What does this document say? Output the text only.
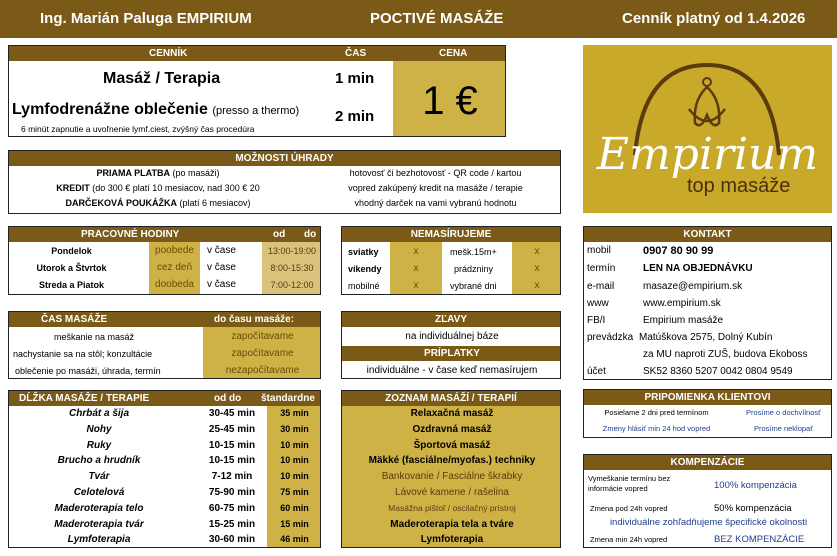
Ing. Marián Paluga EMPIRIUM	POCTIVÉ MASÁŽE	Cenník platný od 1.4.2026
CENNÍK	ČAS	CENA
1 €
Masáž / Terapia	1 min
Lymfodrenážne oblečenie (presso a thermo) 2 min
6 minút zapnutie a uvoľnenie lymf.ciest, zvýšný čas procedúra	Empirium
top masáže
MOŽNOSTI ÚHRADY
PRIAMA PLATBA (po masáži)	hotovosť či bezhotovosť - QR code / kartou
KREDIT (do 300 € platí 10 mesiacov, nad 300 € 20	vopred zakúpený kredit na masáže / terapie
DARČEKOVÁ POUKÁŽKA (platí 6 mesiacov)	vhodný darček na vami vybranú hodnotu
PRACOVNÉ HODINY	od do
Pondelok	poobede	v čase	13:00-19:00
Utorok a Štvrtok	cez deň	v čase	8:00-15:30
Streda a Piatok	doobeda	v čase	7:00-12:00
NEMASÍRUJEME
sviatky	x	mešk.15m+	x
víkendy	x	prádzniny	x
mobilné	x	vybrané dni	x
KONTAKT
mobil	0907 80 90 99
termín	LEN NA OBJEDNÁVKU
e-mail	masaze@empirium.sk
www	www.empirium.sk
FB/I	Empirium masáže
prevádzka Matúškova 2575, Dolný Kubín
za MU naproti ZUŠ, budova Ekoboss
účet	SK52 8360 5207 0042 0804 9549
ČAS MASÁŽE	do času masáže:
meškanie na masáž	započítavame
nachystanie sa na stôl; konzultácie	započítavame
oblečenie po masáži, úhrada, termín	nezapočítavame
ZĽAVY
na individuálnej báze
PRÍPLATKY
individuálne - v čase keď nemasírujem
PRIPOMIENKA KLIENTOVI
Posielame 2 dni pred termínom	Prosíme o dochvílnosť
Zmeny hlásiť min 24 hod vopred	Prosíme neklopať
DĹŽKA MASÁŽE / TERAPIE	od do štandardne
Chrbát a šija	30-45 min	35 min
Nohy	25-45 min	30 min
Ruky	10-15 min	10 min
Brucho a hrudník	10-15 min	10 min
Tvár	7-12 min	10 min
Celotelová	75-90 min	75 min
Maderoterapia telo	60-75 min	60 min
Maderoterapia tvár	15-25 min	15 min
Lymfoterapia	30-60 min	46 min
ZOZNAM MASÁŽÍ / TERAPIÍ
Relaxačná masáž
Ozdravná masáž
Športová masáž
Mäkké (fasciálne/myofas.) techniky
Bankovanie / Fasciálne škrabky
Lávové kamene / rašelina
Masážna pištoľ / oscilačný prístroj
Maderoterapia tela a tváre
Lymfoterapia
KOMPENZÁCIE
Vymeškanie termínu bez informácie vopred	100% kompenzácia
Zmena pod 24h vopred	50% kompenzácia
individuálne zohľadňujeme špecifické okolnosti
Zmena min 24h vopred	BEZ KOMPENZÁCIE
